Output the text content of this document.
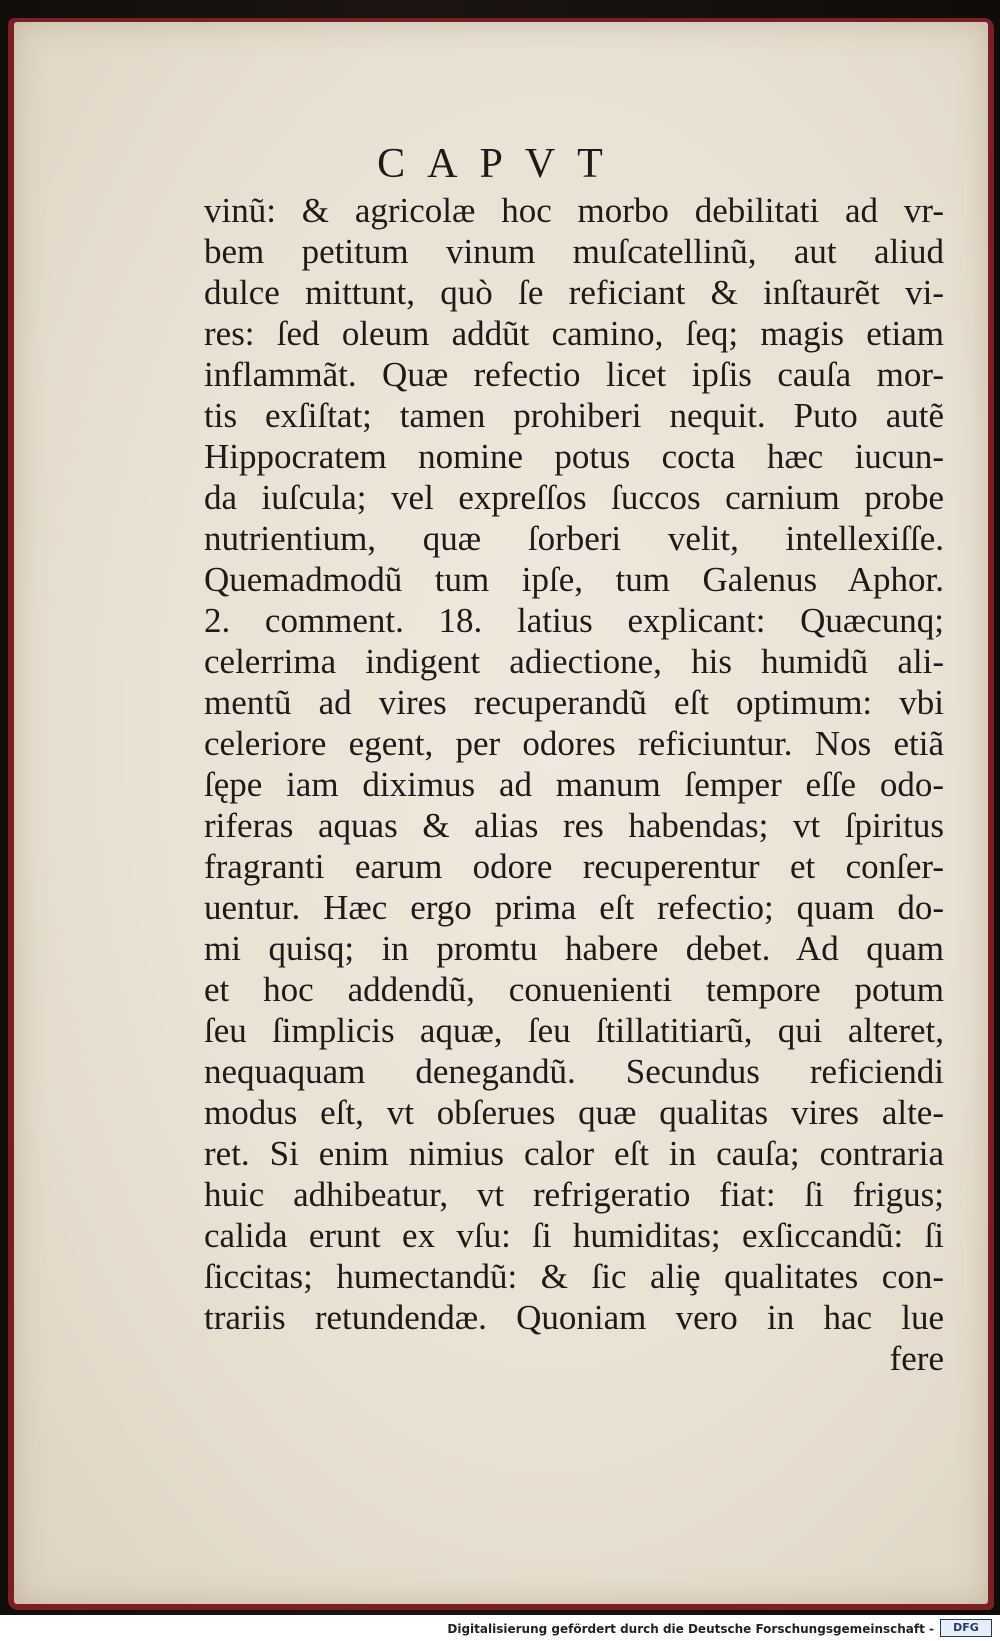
CAPVT
vinũ: & agricolæ hoc morbo debilitati ad vr-
bem petitum vinum muſcatellinũ, aut aliud
dulce mittunt, quò ſe reficiant & inſtaurẽt vi-
res: ſed oleum addũt camino, ſeq; magis etiam
inflammãt. Quæ refectio licet ipſis cauſa mor-
tis exſiſtat; tamen prohiberi nequit. Puto autẽ
Hippocratem nomine potus cocta hæc iucun-
da iuſcula; vel expreſſos ſuccos carnium probe
nutrientium, quæ ſorberi velit, intellexiſſe.
Quemadmodũ tum ipſe, tum Galenus Aphor.
2. comment. 18. latius explicant: Quæcunq;
celerrima indigent adiectione, his humidũ ali-
mentũ ad vires recuperandũ eſt optimum: vbi
celeriore egent, per odores reficiuntur. Nos etiã
ſępe iam diximus ad manum ſemper eſſe odo-
riferas aquas & alias res habendas; vt ſpiritus
fragranti earum odore recuperentur et conſer-
uentur. Hæc ergo prima eſt refectio; quam do-
mi quisq; in promtu habere debet. Ad quam
et hoc addendũ, conuenienti tempore potum
ſeu ſimplicis aquæ, ſeu ſtillatitiarũ, qui alteret,
nequaquam denegandũ. Secundus reficiendi
modus eſt, vt obſerues quæ qualitas vires alte-
ret. Si enim nimius calor eſt in cauſa; contraria
huic adhibeatur, vt refrigeratio fiat: ſi frigus;
calida erunt ex vſu: ſi humiditas; exſiccandũ: ſi
ſiccitas; humectandũ: & ſic aliȩ qualitates con-
trariis retundendæ. Quoniam vero in hac lue
fere
Digitalisierung gefördert durch die Deutsche Forschungsgemeinschaft -	DFG
